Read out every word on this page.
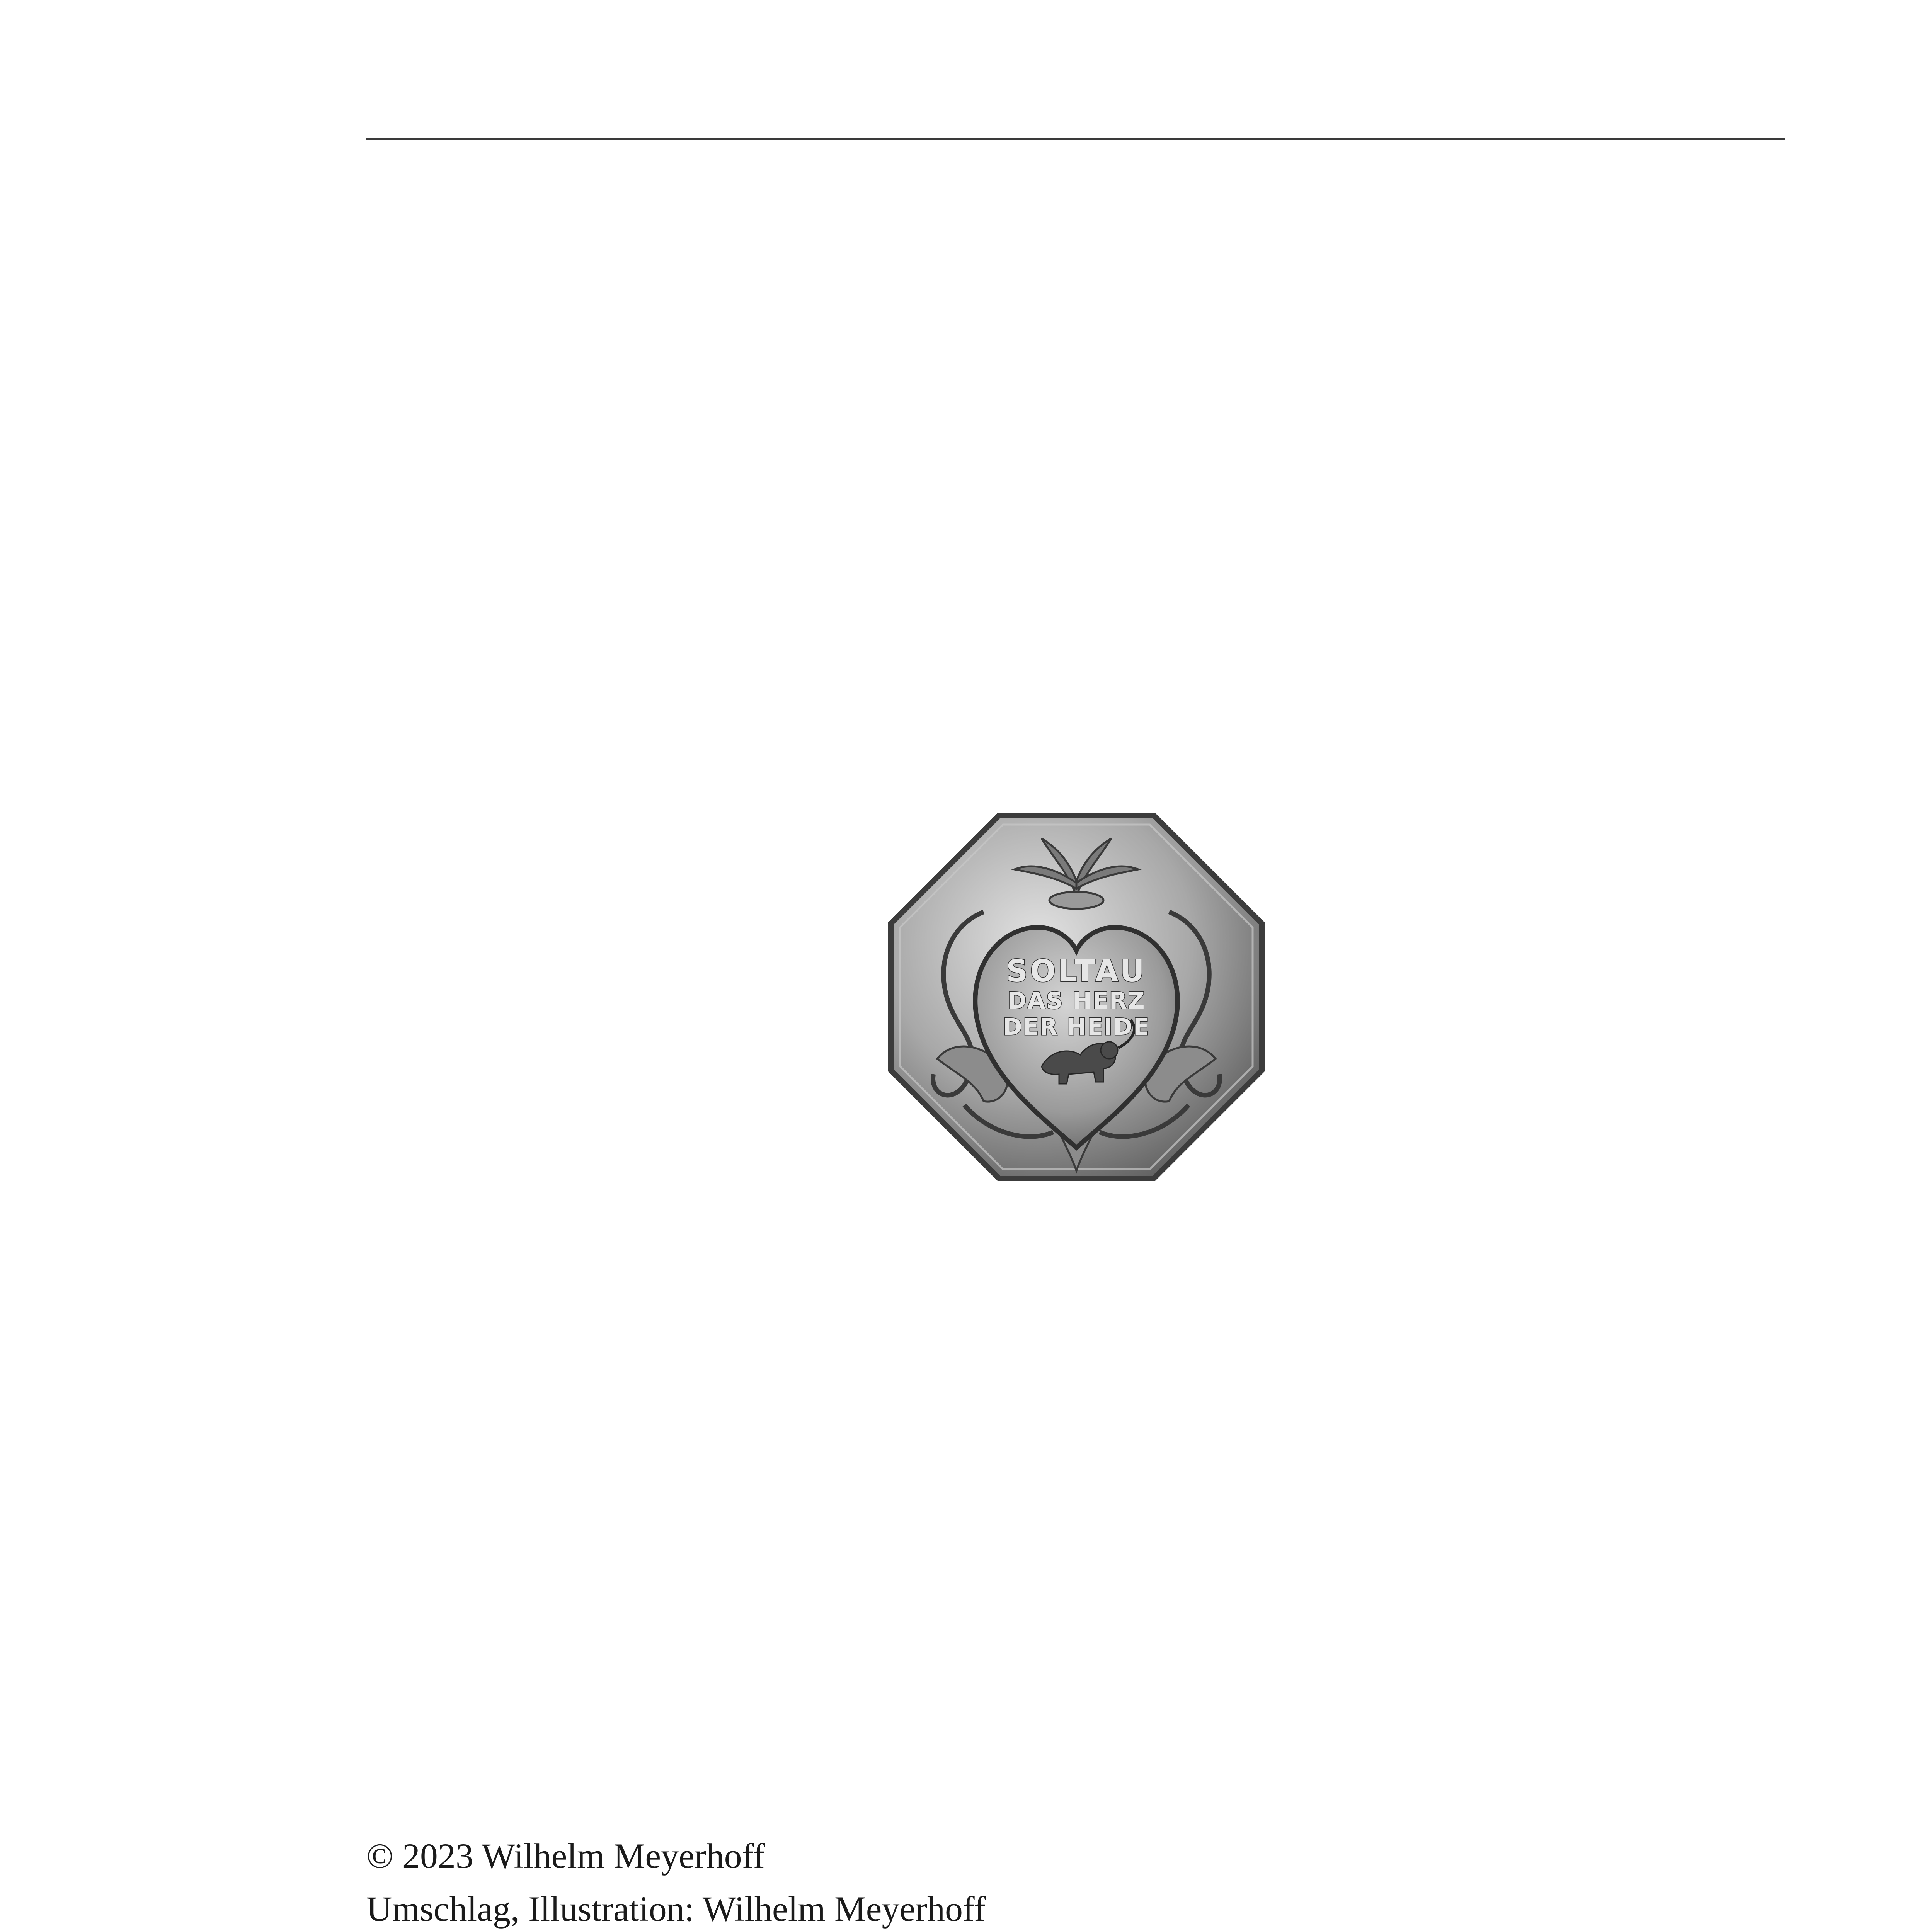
SOLTAU
DAS HERZ
DER HEIDE
© 2023 Wilhelm Meyerhoff
Umschlag, Illustration: Wilhelm Meyerhoff
